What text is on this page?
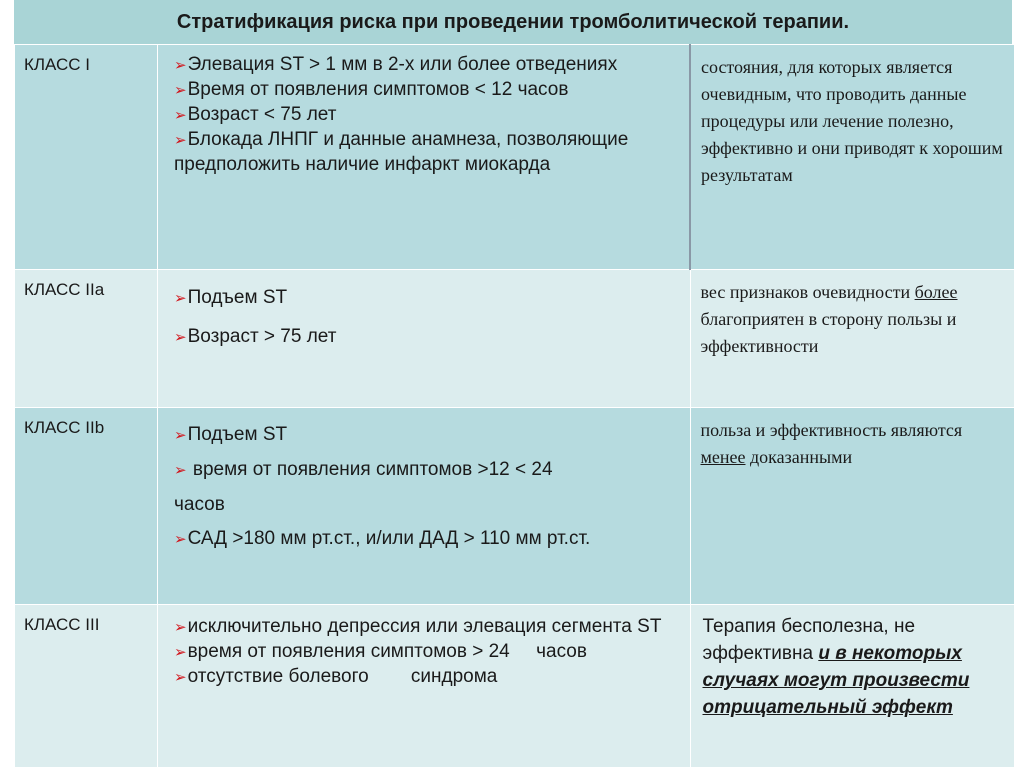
Стратификация риска при проведении тромболитической терапии.
КЛАСС I	➢Элевация ST > 1 мм в 2-х или более отведениях
➢Время от появления симптомов < 12 часов
➢Возраст < 75 лет
➢Блокада ЛНПГ и данные анамнеза, позволяющие предположить наличие инфаркт миокарда	состояния, для которых является очевидным, что проводить данные процедуры или лечение полезно, эффективно и они приводят к хорошим результатам

КЛАСС IIa	➢Подъем ST
➢Возраст > 75 лет	вес признаков очевидности более благоприятен в сторону пользы и эффективности

КЛАСС IIb	➢Подъем ST
➢ время от появления симптомов >12 < 24 часов
➢САД >180 мм рт.ст., и/или ДАД > 110 мм рт.ст.	польза и эффективность являются менее доказанными

КЛАСС III	➢исключительно депрессия или элевация сегмента ST
➢время от появления симптомов > 24     часов
➢отсутствие болевого        синдрома	Терапия бесполезна, не эффективна и в некоторых случаях могут произвести отрицательный эффект
